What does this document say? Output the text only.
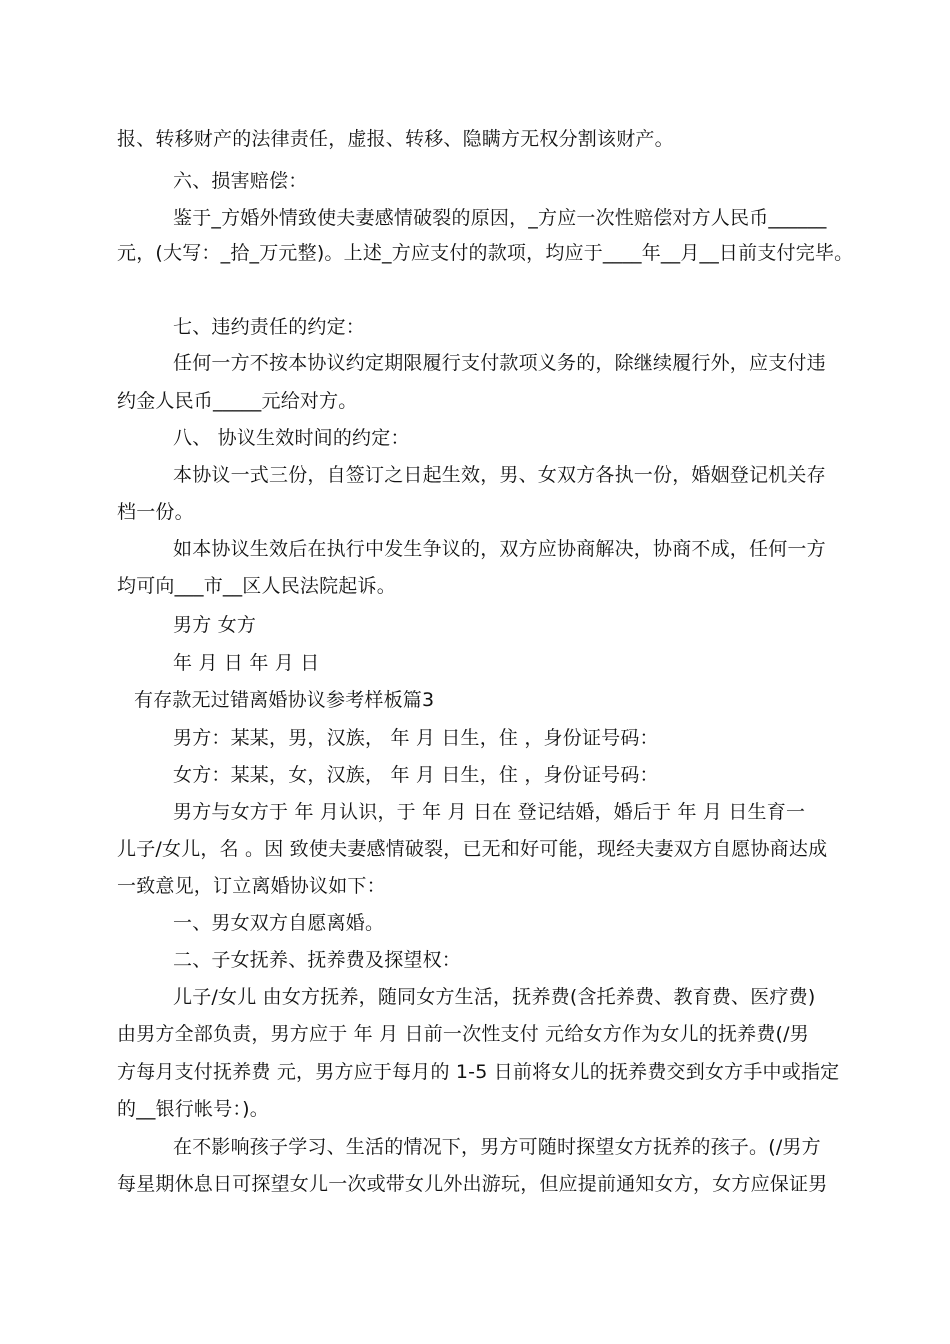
报、转移财产的法律责任，虚报、转移、隐瞒方无权分割该财产。
六、损害赔偿：
鉴于_方婚外情致使夫妻感情破裂的原因，_方应一次性赔偿对方人民币______
元，(大写：_拾_万元整)。上述_方应支付的款项，均应于____年__月__日前支付完毕。
七、违约责任的约定：
任何一方不按本协议约定期限履行支付款项义务的，除继续履行外，应支付违
约金人民币_____元给对方。
八、 协议生效时间的约定：
本协议一式三份，自签订之日起生效，男、女双方各执一份，婚姻登记机关存
档一份。
如本协议生效后在执行中发生争议的，双方应协商解决，协商不成，任何一方
均可向___市__区人民法院起诉。
男方 女方
年 月 日 年 月 日
有存款无过错离婚协议参考样板篇3
男方：某某，男，汉族， 年 月 日生，住 ，身份证号码：
女方：某某，女，汉族， 年 月 日生，住 ，身份证号码：
男方与女方于 年 月认识，于 年 月 日在 登记结婚，婚后于 年 月 日生育一
儿子/女儿，名 。因 致使夫妻感情破裂，已无和好可能，现经夫妻双方自愿协商达成
一致意见，订立离婚协议如下：
一、男女双方自愿离婚。
二、子女抚养、抚养费及探望权：
儿子/女儿 由女方抚养，随同女方生活，抚养费(含托养费、教育费、医疗费)
由男方全部负责，男方应于 年 月 日前一次性支付 元给女方作为女儿的抚养费(/男
方每月支付抚养费 元，男方应于每月的 1-5 日前将女儿的抚养费交到女方手中或指定
的__银行帐号：)。
在不影响孩子学习、生活的情况下，男方可随时探望女方抚养的孩子。(/男方
每星期休息日可探望女儿一次或带女儿外出游玩，但应提前通知女方，女方应保证男
